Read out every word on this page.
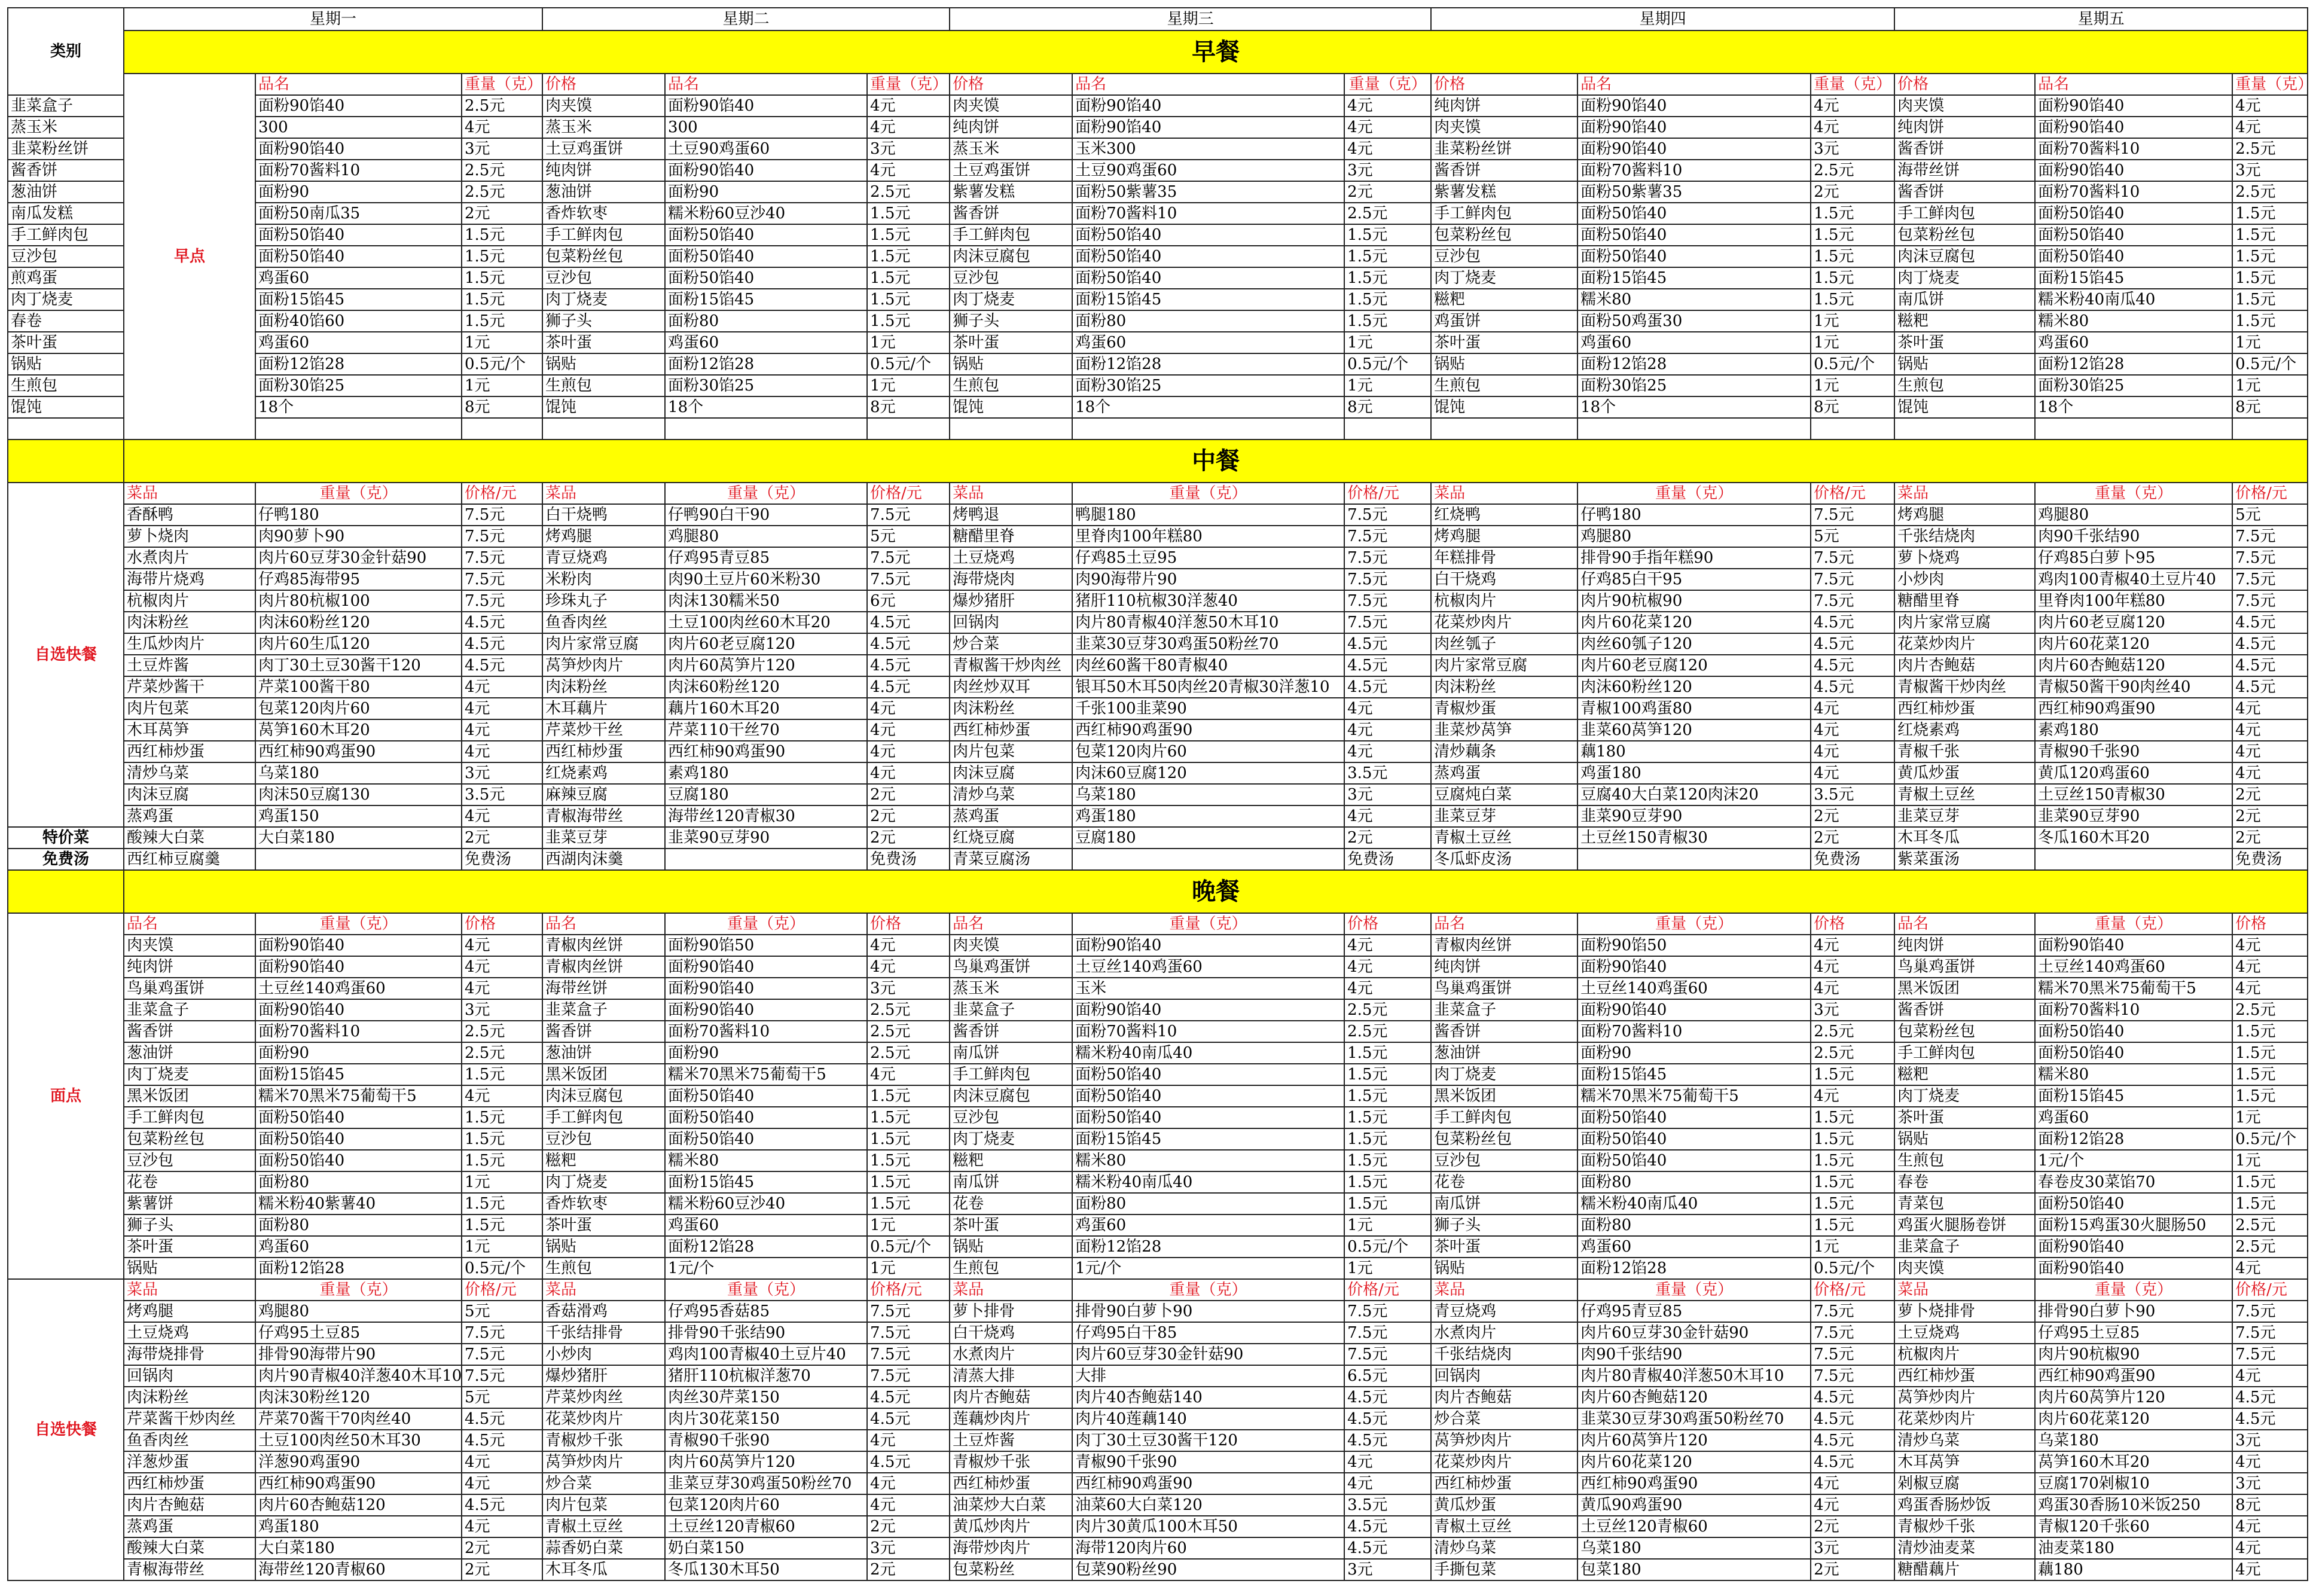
类别	星期一			星期二			星期三			星期四			星期五			
	早餐															
	早点	品名	重量（克）	价格	品名	重量（克）	价格	品名	重量（克）	价格	品名	重量（克）	价格	品名	重量（克）	
韭菜盒子		面粉90馅40	2.5元	肉夹馍	面粉90馅40	4元	肉夹馍	面粉90馅40	4元	纯肉饼	面粉90馅40	4元	肉夹馍	面粉90馅40	4元	
蒸玉米		300	4元	蒸玉米	300	4元	纯肉饼	面粉90馅40	4元	肉夹馍	面粉90馅40	4元	纯肉饼	面粉90馅40	4元	
韭菜粉丝饼		面粉90馅40	3元	土豆鸡蛋饼	土豆90鸡蛋60	3元	蒸玉米	玉米300	4元	韭菜粉丝饼	面粉90馅40	3元	酱香饼	面粉70酱料10	2.5元	
酱香饼		面粉70酱料10	2.5元	纯肉饼	面粉90馅40	4元	土豆鸡蛋饼	土豆90鸡蛋60	3元	酱香饼	面粉70酱料10	2.5元	海带丝饼	面粉90馅40	3元	
葱油饼		面粉90	2.5元	葱油饼	面粉90	2.5元	紫薯发糕	面粉50紫薯35	2元	紫薯发糕	面粉50紫薯35	2元	酱香饼	面粉70酱料10	2.5元	
南瓜发糕		面粉50南瓜35	2元	香炸软枣	糯米粉60豆沙40	1.5元	酱香饼	面粉70酱料10	2.5元	手工鲜肉包	面粉50馅40	1.5元	手工鲜肉包	面粉50馅40	1.5元	
手工鲜肉包		面粉50馅40	1.5元	手工鲜肉包	面粉50馅40	1.5元	手工鲜肉包	面粉50馅40	1.5元	包菜粉丝包	面粉50馅40	1.5元	包菜粉丝包	面粉50馅40	1.5元	
豆沙包		面粉50馅40	1.5元	包菜粉丝包	面粉50馅40	1.5元	肉沫豆腐包	面粉50馅40	1.5元	豆沙包	面粉50馅40	1.5元	肉沫豆腐包	面粉50馅40	1.5元	
煎鸡蛋		鸡蛋60	1.5元	豆沙包	面粉50馅40	1.5元	豆沙包	面粉50馅40	1.5元	肉丁烧麦	面粉15馅45	1.5元	肉丁烧麦	面粉15馅45	1.5元	
肉丁烧麦		面粉15馅45	1.5元	肉丁烧麦	面粉15馅45	1.5元	肉丁烧麦	面粉15馅45	1.5元	糍粑	糯米80	1.5元	南瓜饼	糯米粉40南瓜40	1.5元	
春卷		面粉40馅60	1.5元	狮子头	面粉80	1.5元	狮子头	面粉80	1.5元	鸡蛋饼	面粉50鸡蛋30	1元	糍粑	糯米80	1.5元	
茶叶蛋		鸡蛋60	1元	茶叶蛋	鸡蛋60	1元	茶叶蛋	鸡蛋60	1元	茶叶蛋	鸡蛋60	1元	茶叶蛋	鸡蛋60	1元	
锅贴		面粉12馅28	0.5元/个	锅贴	面粉12馅28	0.5元/个	锅贴	面粉12馅28	0.5元/个	锅贴	面粉12馅28	0.5元/个	锅贴	面粉12馅28	0.5元/个	
生煎包		面粉30馅25	1元	生煎包	面粉30馅25	1元	生煎包	面粉30馅25	1元	生煎包	面粉30馅25	1元	生煎包	面粉30馅25	1元	
馄饨		18个	8元	馄饨	18个	8元	馄饨	18个	8元	馄饨	18个	8元	馄饨	18个	8元	

	中餐															
自选快餐	菜品	重量（克）	价格/元	菜品	重量（克）	价格/元	菜品	重量（克）	价格/元	菜品	重量（克）	价格/元	菜品	重量（克）	价格/元	
	香酥鸭	仔鸭180	7.5元	白干烧鸭	仔鸭90白干90	7.5元	烤鸭退	鸭腿180	7.5元	红烧鸭	仔鸭180	7.5元	烤鸡腿	鸡腿80	5元	
	萝卜烧肉	肉90萝卜90	7.5元	烤鸡腿	鸡腿80	5元	糖醋里脊	里脊肉100年糕80	7.5元	烤鸡腿	鸡腿80	5元	千张结烧肉	肉90千张结90	7.5元	
	水煮肉片	肉片60豆芽30金针菇90	7.5元	青豆烧鸡	仔鸡95青豆85	7.5元	土豆烧鸡	仔鸡85土豆95	7.5元	年糕排骨	排骨90手指年糕90	7.5元	萝卜烧鸡	仔鸡85白萝卜95	7.5元	
	海带片烧鸡	仔鸡85海带95	7.5元	米粉肉	肉90土豆片60米粉30	7.5元	海带烧肉	肉90海带片90	7.5元	白干烧鸡	仔鸡85白干95	7.5元	小炒肉	鸡肉100青椒40土豆片40	7.5元	
	杭椒肉片	肉片80杭椒100	7.5元	珍珠丸子	肉沫130糯米50	6元	爆炒猪肝	猪肝110杭椒30洋葱40	7.5元	杭椒肉片	肉片90杭椒90	7.5元	糖醋里脊	里脊肉100年糕80	7.5元	
	肉沫粉丝	肉沫60粉丝120	4.5元	鱼香肉丝	土豆100肉丝60木耳20	4.5元	回锅肉	肉片80青椒40洋葱50木耳10	7.5元	花菜炒肉片	肉片60花菜120	4.5元	肉片家常豆腐	肉片60老豆腐120	4.5元	
	生瓜炒肉片	肉片60生瓜120	4.5元	肉片家常豆腐	肉片60老豆腐120	4.5元	炒合菜	韭菜30豆芽30鸡蛋50粉丝70	4.5元	肉丝瓠子	肉丝60瓠子120	4.5元	花菜炒肉片	肉片60花菜120	4.5元	
	土豆炸酱	肉丁30土豆30酱干120	4.5元	莴笋炒肉片	肉片60莴笋片120	4.5元	青椒酱干炒肉丝	肉丝60酱干80青椒40	4.5元	肉片家常豆腐	肉片60老豆腐120	4.5元	肉片杏鲍菇	肉片60杏鲍菇120	4.5元	
	芹菜炒酱干	芹菜100酱干80	4元	肉沫粉丝	肉沫60粉丝120	4.5元	肉丝炒双耳	银耳50木耳50肉丝20青椒30洋葱10	4.5元	肉沫粉丝	肉沫60粉丝120	4.5元	青椒酱干炒肉丝	青椒50酱干90肉丝40	4.5元	
	肉片包菜	包菜120肉片60	4元	木耳藕片	藕片160木耳20	4元	肉沫粉丝	千张100韭菜90	4元	青椒炒蛋	青椒100鸡蛋80	4元	西红柿炒蛋	西红柿90鸡蛋90	4元	
	木耳莴笋	莴笋160木耳20	4元	芹菜炒干丝	芹菜110干丝70	4元	西红柿炒蛋	西红柿90鸡蛋90	4元	韭菜炒莴笋	韭菜60莴笋120	4元	红烧素鸡	素鸡180	4元	
	西红柿炒蛋	西红柿90鸡蛋90	4元	西红柿炒蛋	西红柿90鸡蛋90	4元	肉片包菜	包菜120肉片60	4元	清炒藕条	藕180	4元	青椒千张	青椒90千张90	4元	
	清炒乌菜	乌菜180	3元	红烧素鸡	素鸡180	4元	肉沫豆腐	肉沫60豆腐120	3.5元	蒸鸡蛋	鸡蛋180	4元	黄瓜炒蛋	黄瓜120鸡蛋60	4元	
	肉沫豆腐	肉沫50豆腐130	3.5元	麻辣豆腐	豆腐180	2元	清炒乌菜	乌菜180	3元	豆腐炖白菜	豆腐40大白菜120肉沫20	3.5元	青椒土豆丝	土豆丝150青椒30	2元	
	蒸鸡蛋	鸡蛋150	4元	青椒海带丝	海带丝120青椒30	2元	蒸鸡蛋	鸡蛋180	4元	韭菜豆芽	韭菜90豆芽90	2元	韭菜豆芽	韭菜90豆芽90	2元	
特价菜	酸辣大白菜	大白菜180	2元	韭菜豆芽	韭菜90豆芽90	2元	红烧豆腐	豆腐180	2元	青椒土豆丝	土豆丝150青椒30	2元	木耳冬瓜	冬瓜160木耳20	2元	
免费汤	西红柿豆腐羹		免费汤	西湖肉沫羹		免费汤	青菜豆腐汤		免费汤	冬瓜虾皮汤		免费汤	紫菜蛋汤		免费汤	
	晚餐															
面点	品名	重量（克）	价格	品名	重量（克）	价格	品名	重量（克）	价格	品名	重量（克）	价格	品名	重量（克）	价格	
	肉夹馍	面粉90馅40	4元	青椒肉丝饼	面粉90馅50	4元	肉夹馍	面粉90馅40	4元	青椒肉丝饼	面粉90馅50	4元	纯肉饼	面粉90馅40	4元	
	纯肉饼	面粉90馅40	4元	青椒肉丝饼	面粉90馅40	4元	鸟巢鸡蛋饼	土豆丝140鸡蛋60	4元	纯肉饼	面粉90馅40	4元	鸟巢鸡蛋饼	土豆丝140鸡蛋60	4元	
	鸟巢鸡蛋饼	土豆丝140鸡蛋60	4元	海带丝饼	面粉90馅40	3元	蒸玉米	玉米	4元	鸟巢鸡蛋饼	土豆丝140鸡蛋60	4元	黑米饭团	糯米70黑米75葡萄干5	4元	
	韭菜盒子	面粉90馅40	3元	韭菜盒子	面粉90馅40	2.5元	韭菜盒子	面粉90馅40	2.5元	韭菜盒子	面粉90馅40	3元	酱香饼	面粉70酱料10	2.5元	
	酱香饼	面粉70酱料10	2.5元	酱香饼	面粉70酱料10	2.5元	酱香饼	面粉70酱料10	2.5元	酱香饼	面粉70酱料10	2.5元	包菜粉丝包	面粉50馅40	1.5元	
	葱油饼	面粉90	2.5元	葱油饼	面粉90	2.5元	南瓜饼	糯米粉40南瓜40	1.5元	葱油饼	面粉90	2.5元	手工鲜肉包	面粉50馅40	1.5元	
	肉丁烧麦	面粉15馅45	1.5元	黑米饭团	糯米70黑米75葡萄干5	4元	手工鲜肉包	面粉50馅40	1.5元	肉丁烧麦	面粉15馅45	1.5元	糍粑	糯米80	1.5元	
	黑米饭团	糯米70黑米75葡萄干5	4元	肉沫豆腐包	面粉50馅40	1.5元	肉沫豆腐包	面粉50馅40	1.5元	黑米饭团	糯米70黑米75葡萄干5	4元	肉丁烧麦	面粉15馅45	1.5元	
	手工鲜肉包	面粉50馅40	1.5元	手工鲜肉包	面粉50馅40	1.5元	豆沙包	面粉50馅40	1.5元	手工鲜肉包	面粉50馅40	1.5元	茶叶蛋	鸡蛋60	1元	
	包菜粉丝包	面粉50馅40	1.5元	豆沙包	面粉50馅40	1.5元	肉丁烧麦	面粉15馅45	1.5元	包菜粉丝包	面粉50馅40	1.5元	锅贴	面粉12馅28	0.5元/个	
	豆沙包	面粉50馅40	1.5元	糍粑	糯米80	1.5元	糍粑	糯米80	1.5元	豆沙包	面粉50馅40	1.5元	生煎包	1元/个	1元	
	花卷	面粉80	1元	肉丁烧麦	面粉15馅45	1.5元	南瓜饼	糯米粉40南瓜40	1.5元	花卷	面粉80	1.5元	春卷	春卷皮30菜馅70	1.5元	
	紫薯饼	糯米粉40紫薯40	1.5元	香炸软枣	糯米粉60豆沙40	1.5元	花卷	面粉80	1.5元	南瓜饼	糯米粉40南瓜40	1.5元	青菜包	面粉50馅40	1.5元	
	狮子头	面粉80	1.5元	茶叶蛋	鸡蛋60	1元	茶叶蛋	鸡蛋60	1元	狮子头	面粉80	1.5元	鸡蛋火腿肠卷饼	面粉15鸡蛋30火腿肠50	2.5元	
	茶叶蛋	鸡蛋60	1元	锅贴	面粉12馅28	0.5元/个	锅贴	面粉12馅28	0.5元/个	茶叶蛋	鸡蛋60	1元	韭菜盒子	面粉90馅40	2.5元	
	锅贴	面粉12馅28	0.5元/个	生煎包	1元/个	1元	生煎包	1元/个	1元	锅贴	面粉12馅28	0.5元/个	肉夹馍	面粉90馅40	4元	
自选快餐	菜品	重量（克）	价格/元	菜品	重量（克）	价格/元	菜品	重量（克）	价格/元	菜品	重量（克）	价格/元	菜品	重量（克）	价格/元	
	烤鸡腿	鸡腿80	5元	香菇滑鸡	仔鸡95香菇85	7.5元	萝卜排骨	排骨90白萝卜90	7.5元	青豆烧鸡	仔鸡95青豆85	7.5元	萝卜烧排骨	排骨90白萝卜90	7.5元	
	土豆烧鸡	仔鸡95土豆85	7.5元	千张结排骨	排骨90千张结90	7.5元	白干烧鸡	仔鸡95白干85	7.5元	水煮肉片	肉片60豆芽30金针菇90	7.5元	土豆烧鸡	仔鸡95土豆85	7.5元	
	海带烧排骨	排骨90海带片90	7.5元	小炒肉	鸡肉100青椒40土豆片40	7.5元	水煮肉片	肉片60豆芽30金针菇90	7.5元	千张结烧肉	肉90千张结90	7.5元	杭椒肉片	肉片90杭椒90	7.5元	
	回锅肉	肉片90青椒40洋葱40木耳10	7.5元	爆炒猪肝	猪肝110杭椒洋葱70	7.5元	清蒸大排	大排	6.5元	回锅肉	肉片80青椒40洋葱50木耳10	7.5元	西红柿炒蛋	西红柿90鸡蛋90	4元	
	肉沫粉丝	肉沫30粉丝120	5元	芹菜炒肉丝	肉丝30芹菜150	4.5元	肉片杏鲍菇	肉片40杏鲍菇140	4.5元	肉片杏鲍菇	肉片60杏鲍菇120	4.5元	莴笋炒肉片	肉片60莴笋片120	4.5元	
	芹菜酱干炒肉丝	芹菜70酱干70肉丝40	4.5元	花菜炒肉片	肉片30花菜150	4.5元	莲藕炒肉片	肉片40莲藕140	4.5元	炒合菜	韭菜30豆芽30鸡蛋50粉丝70	4.5元	花菜炒肉片	肉片60花菜120	4.5元	
	鱼香肉丝	土豆100肉丝50木耳30	4.5元	青椒炒千张	青椒90千张90	4元	土豆炸酱	肉丁30土豆30酱干120	4.5元	莴笋炒肉片	肉片60莴笋片120	4.5元	清炒乌菜	乌菜180	3元	
	洋葱炒蛋	洋葱90鸡蛋90	4元	莴笋炒肉片	肉片60莴笋片120	4.5元	青椒炒千张	青椒90千张90	4元	花菜炒肉片	肉片60花菜120	4.5元	木耳莴笋	莴笋160木耳20	4元	
	西红柿炒蛋	西红柿90鸡蛋90	4元	炒合菜	韭菜豆芽30鸡蛋50粉丝70	4元	西红柿炒蛋	西红柿90鸡蛋90	4元	西红柿炒蛋	西红柿90鸡蛋90	4元	剁椒豆腐	豆腐170剁椒10	3元	
	肉片杏鲍菇	肉片60杏鲍菇120	4.5元	肉片包菜	包菜120肉片60	4元	油菜炒大白菜	油菜60大白菜120	3.5元	黄瓜炒蛋	黄瓜90鸡蛋90	4元	鸡蛋香肠炒饭	鸡蛋30香肠10米饭250	8元	
	蒸鸡蛋	鸡蛋180	4元	青椒土豆丝	土豆丝120青椒60	2元	黄瓜炒肉片	肉片30黄瓜100木耳50	4.5元	青椒土豆丝	土豆丝120青椒60	2元	青椒炒千张	青椒120千张60	4元	
	酸辣大白菜	大白菜180	2元	蒜香奶白菜	奶白菜150	3元	海带炒肉片	海带120肉片60	4.5元	清炒乌菜	乌菜180	3元	清炒油麦菜	油麦菜180	4元	
	青椒海带丝	海带丝120青椒60	2元	木耳冬瓜	冬瓜130木耳50	2元	包菜粉丝	包菜90粉丝90	3元	手撕包菜	包菜180	2元	糖醋藕片	藕180	4元	
